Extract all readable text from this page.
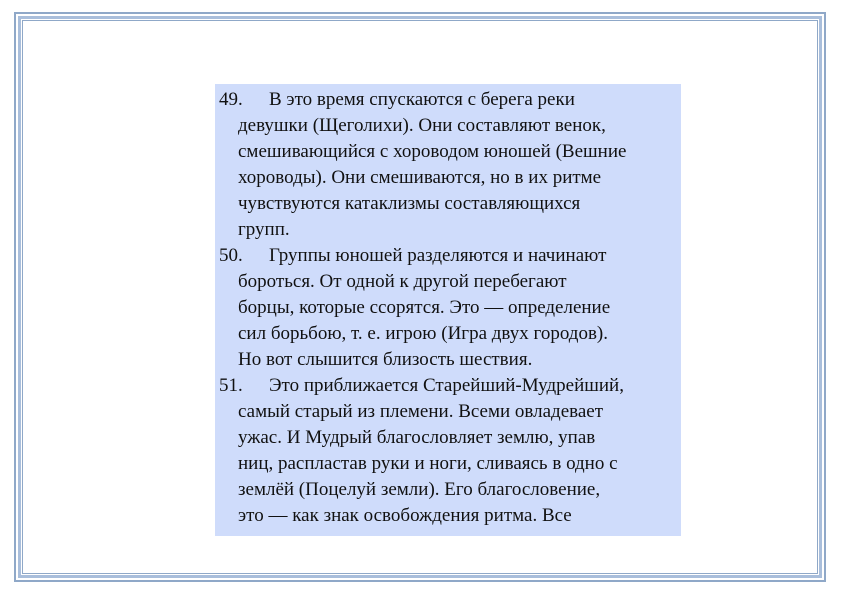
49. В это время спускаются с берега реки
девушки (Щеголихи). Они составляют венок,
смешивающийся с хороводом юношей (Вешние
хороводы). Они смешиваются, но в их ритме
чувствуются катаклизмы составляющихся
групп.
50. Группы юношей разделяются и начинают
бороться. От одной к другой перебегают
борцы, которые ссорятся. Это — определение
сил борьбою, т. е. игрою (Игра двух городов).
Но вот слышится близость шествия.
51. Это приближается Старейший-Мудрейший,
самый старый из племени. Всеми овладевает
ужас. И Мудрый благословляет землю, упав
ниц, распластав руки и ноги, сливаясь в одно с
землёй (Поцелуй земли). Его благословение,
это — как знак освобождения ритма. Все
